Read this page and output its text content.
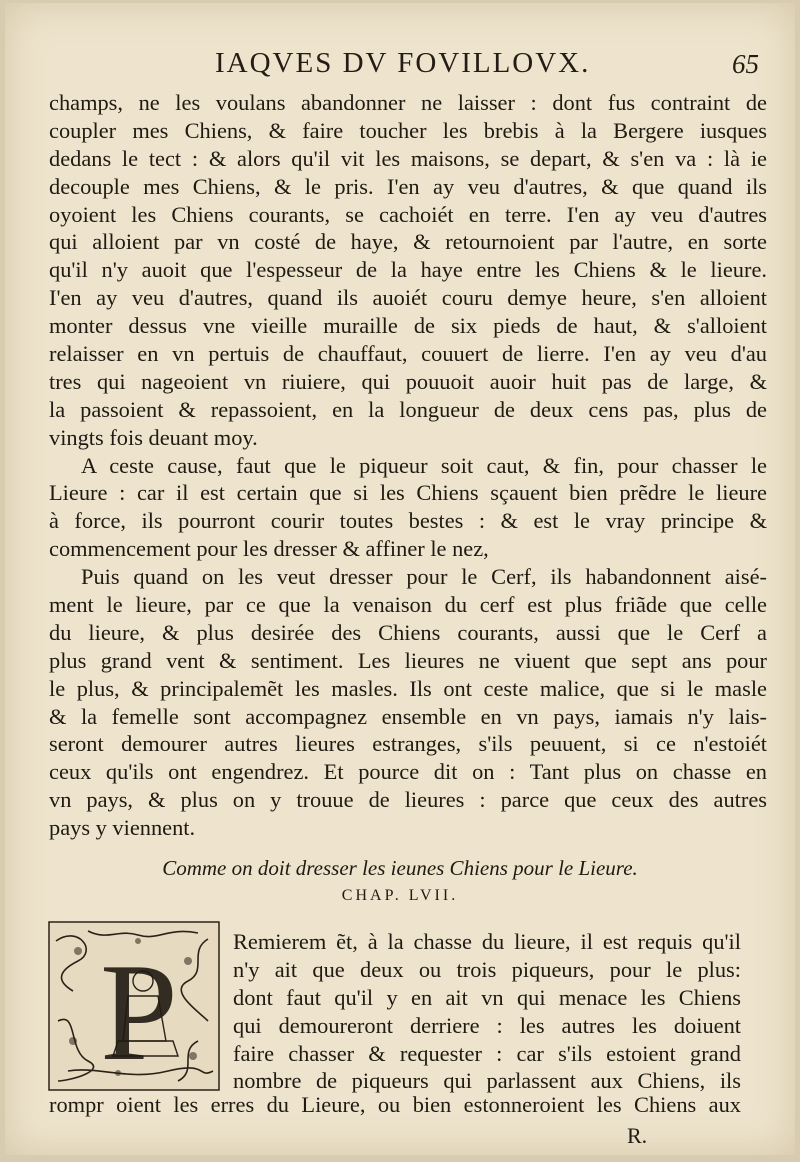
IAQVES DV FOVILLOVX.	65
champs, ne les voulans abandonner ne laisser : dont fus contraint de
coupler mes Chiens, & faire toucher les brebis à la Bergere iusques
dedans le tect : & alors qu'il vit les maisons, se depart, & s'en va : là ie
decouple mes Chiens, & le pris. I'en ay veu d'autres, & que quand ils
oyoient les Chiens courants, se cachoiét en terre. I'en ay veu d'autres
qui alloient par vn costé de haye, & retournoient par l'autre, en sorte
qu'il n'y auoit que l'espesseur de la haye entre les Chiens & le lieure.
I'en ay veu d'autres, quand ils auoiét couru demye heure, s'en alloient
monter dessus vne vieille muraille de six pieds de haut, & s'alloient
relaisser en vn pertuis de chauffaut, couuert de lierre. I'en ay veu d'au
tres qui nageoient vn riuiere, qui pouuoit auoir huit pas de large, &
la passoient & repassoient, en la longueur de deux cens pas, plus de
vingts fois deuant moy.
A ceste cause, faut que le piqueur soit caut, & fin, pour chasser le
Lieure : car il est certain que si les Chiens sçauent bien prẽdre le lieure
à force, ils pourront courir toutes bestes : & est le vray principe &
commencement pour les dresser & affiner le nez,
Puis quand on les veut dresser pour le Cerf, ils habandonnent aisé-
ment le lieure, par ce que la venaison du cerf est plus friãde que celle
du lieure, & plus desirée des Chiens courants, aussi que le Cerf a
plus grand vent & sentiment. Les lieures ne viuent que sept ans pour
le plus, & principalemẽt les masles. Ils ont ceste malice, que si le masle
& la femelle sont accompagnez ensemble en vn pays, iamais n'y lais-
seront demourer autres lieures estranges, s'ils peuuent, si ce n'estoiét
ceux qu'ils ont engendrez. Et pource dit on : Tant plus on chasse en
vn pays, & plus on y trouue de lieures : parce que ceux des autres
pays y viennent.
Comme on doit dresser les ieunes Chiens pour le Lieure.
CHAP. LVII.
P Remierem ẽt, à la chasse du lieure, il est requis qu'il
n'y ait que deux ou trois piqueurs, pour le plus:
dont faut qu'il y en ait vn qui menace les Chiens
qui demoureront derriere : les autres les doiuent
faire chasser & requester : car s'ils estoient grand
nombre de piqueurs qui parlassent aux Chiens, ils
rompr oient les erres du Lieure, ou bien estonneroient les Chiens aux
R.
